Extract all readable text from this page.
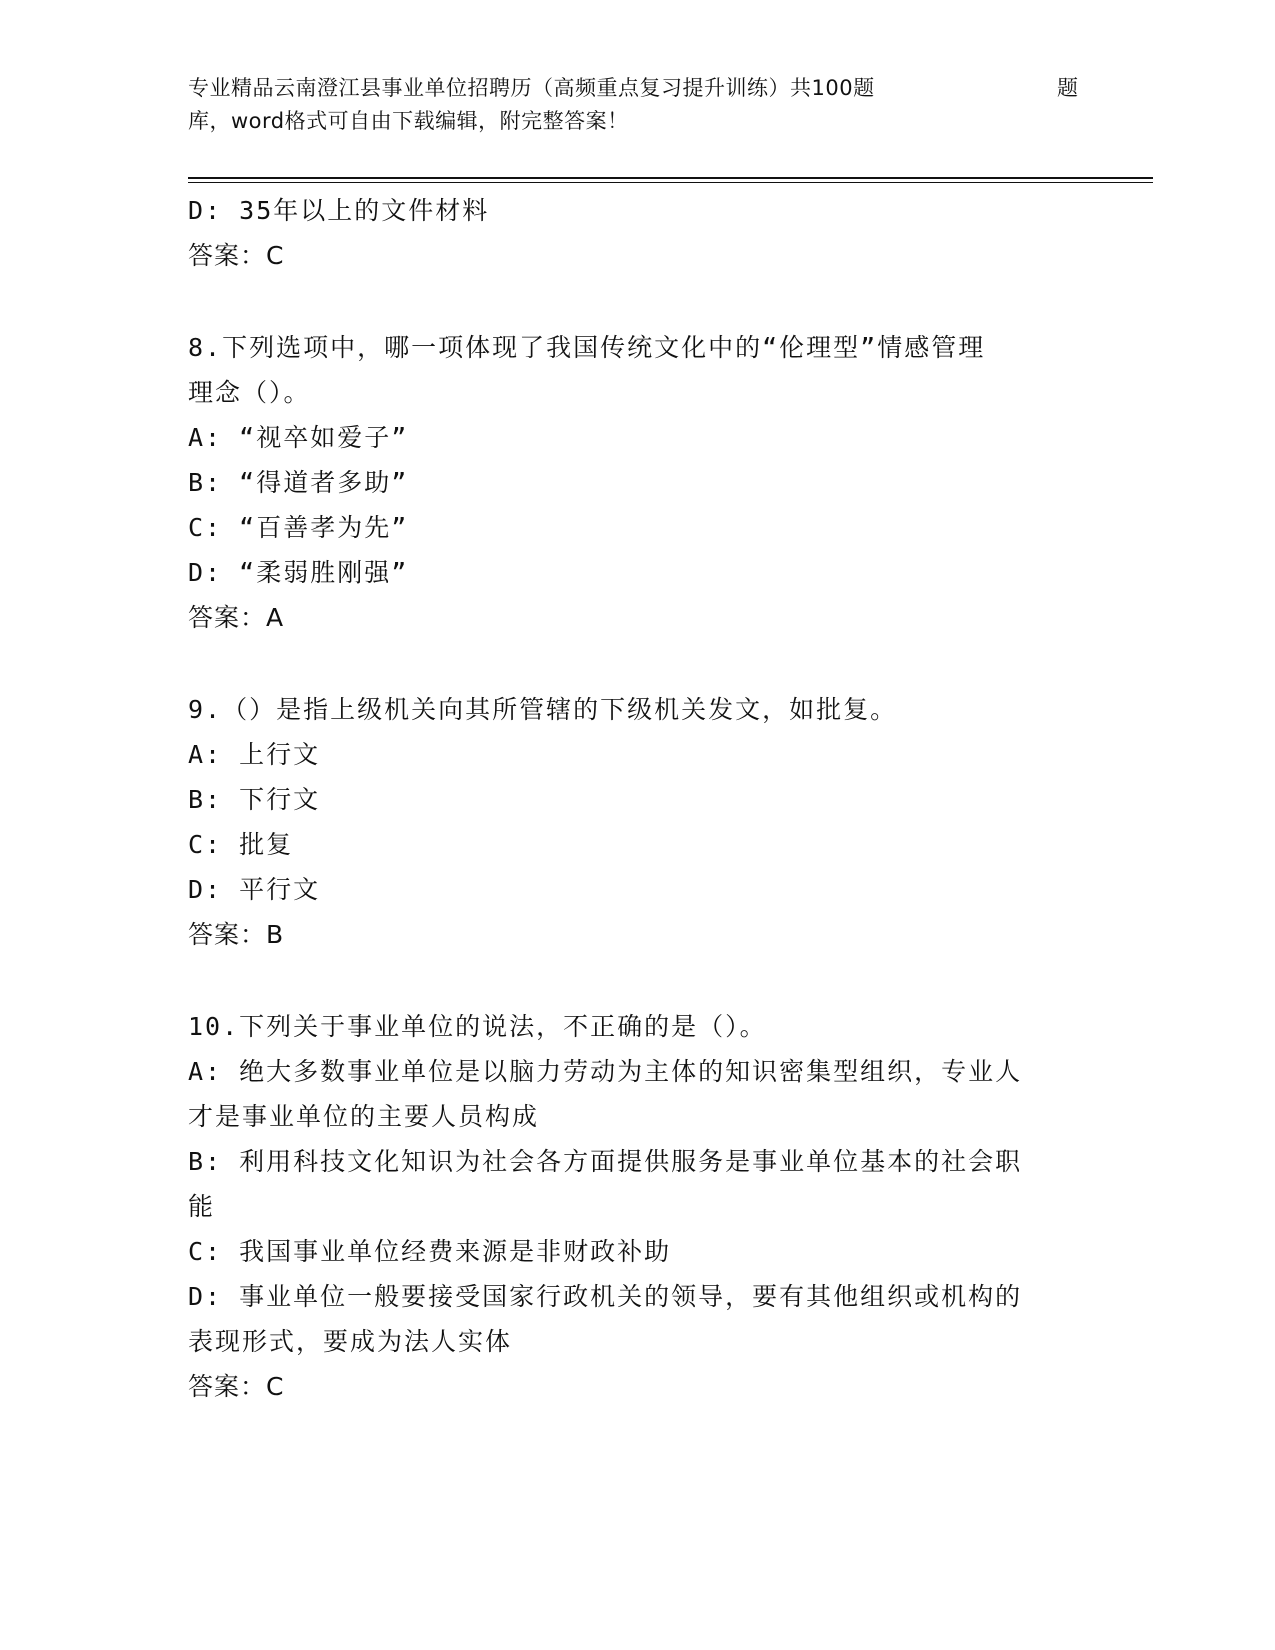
专业精品云南澄江县事业单位招聘历（高频重点复习提升训练）共100题	题
库，word格式可自由下载编辑，附完整答案！
D: 35年以上的文件材料
答案：C
8.下列选项中，哪一项体现了我国传统文化中的“伦理型”情感管理
理念（）。
A: “视卒如爱子”
B: “得道者多助”
C: “百善孝为先”
D: “柔弱胜刚强”
答案：A
9.（）是指上级机关向其所管辖的下级机关发文，如批复。
A: 上行文
B: 下行文
C: 批复
D: 平行文
答案：B
10.下列关于事业单位的说法，不正确的是（）。
A: 绝大多数事业单位是以脑力劳动为主体的知识密集型组织，专业人
才是事业单位的主要人员构成
B: 利用科技文化知识为社会各方面提供服务是事业单位基本的社会职
能
C: 我国事业单位经费来源是非财政补助
D: 事业单位一般要接受国家行政机关的领导，要有其他组织或机构的
表现形式，要成为法人实体
答案：C
